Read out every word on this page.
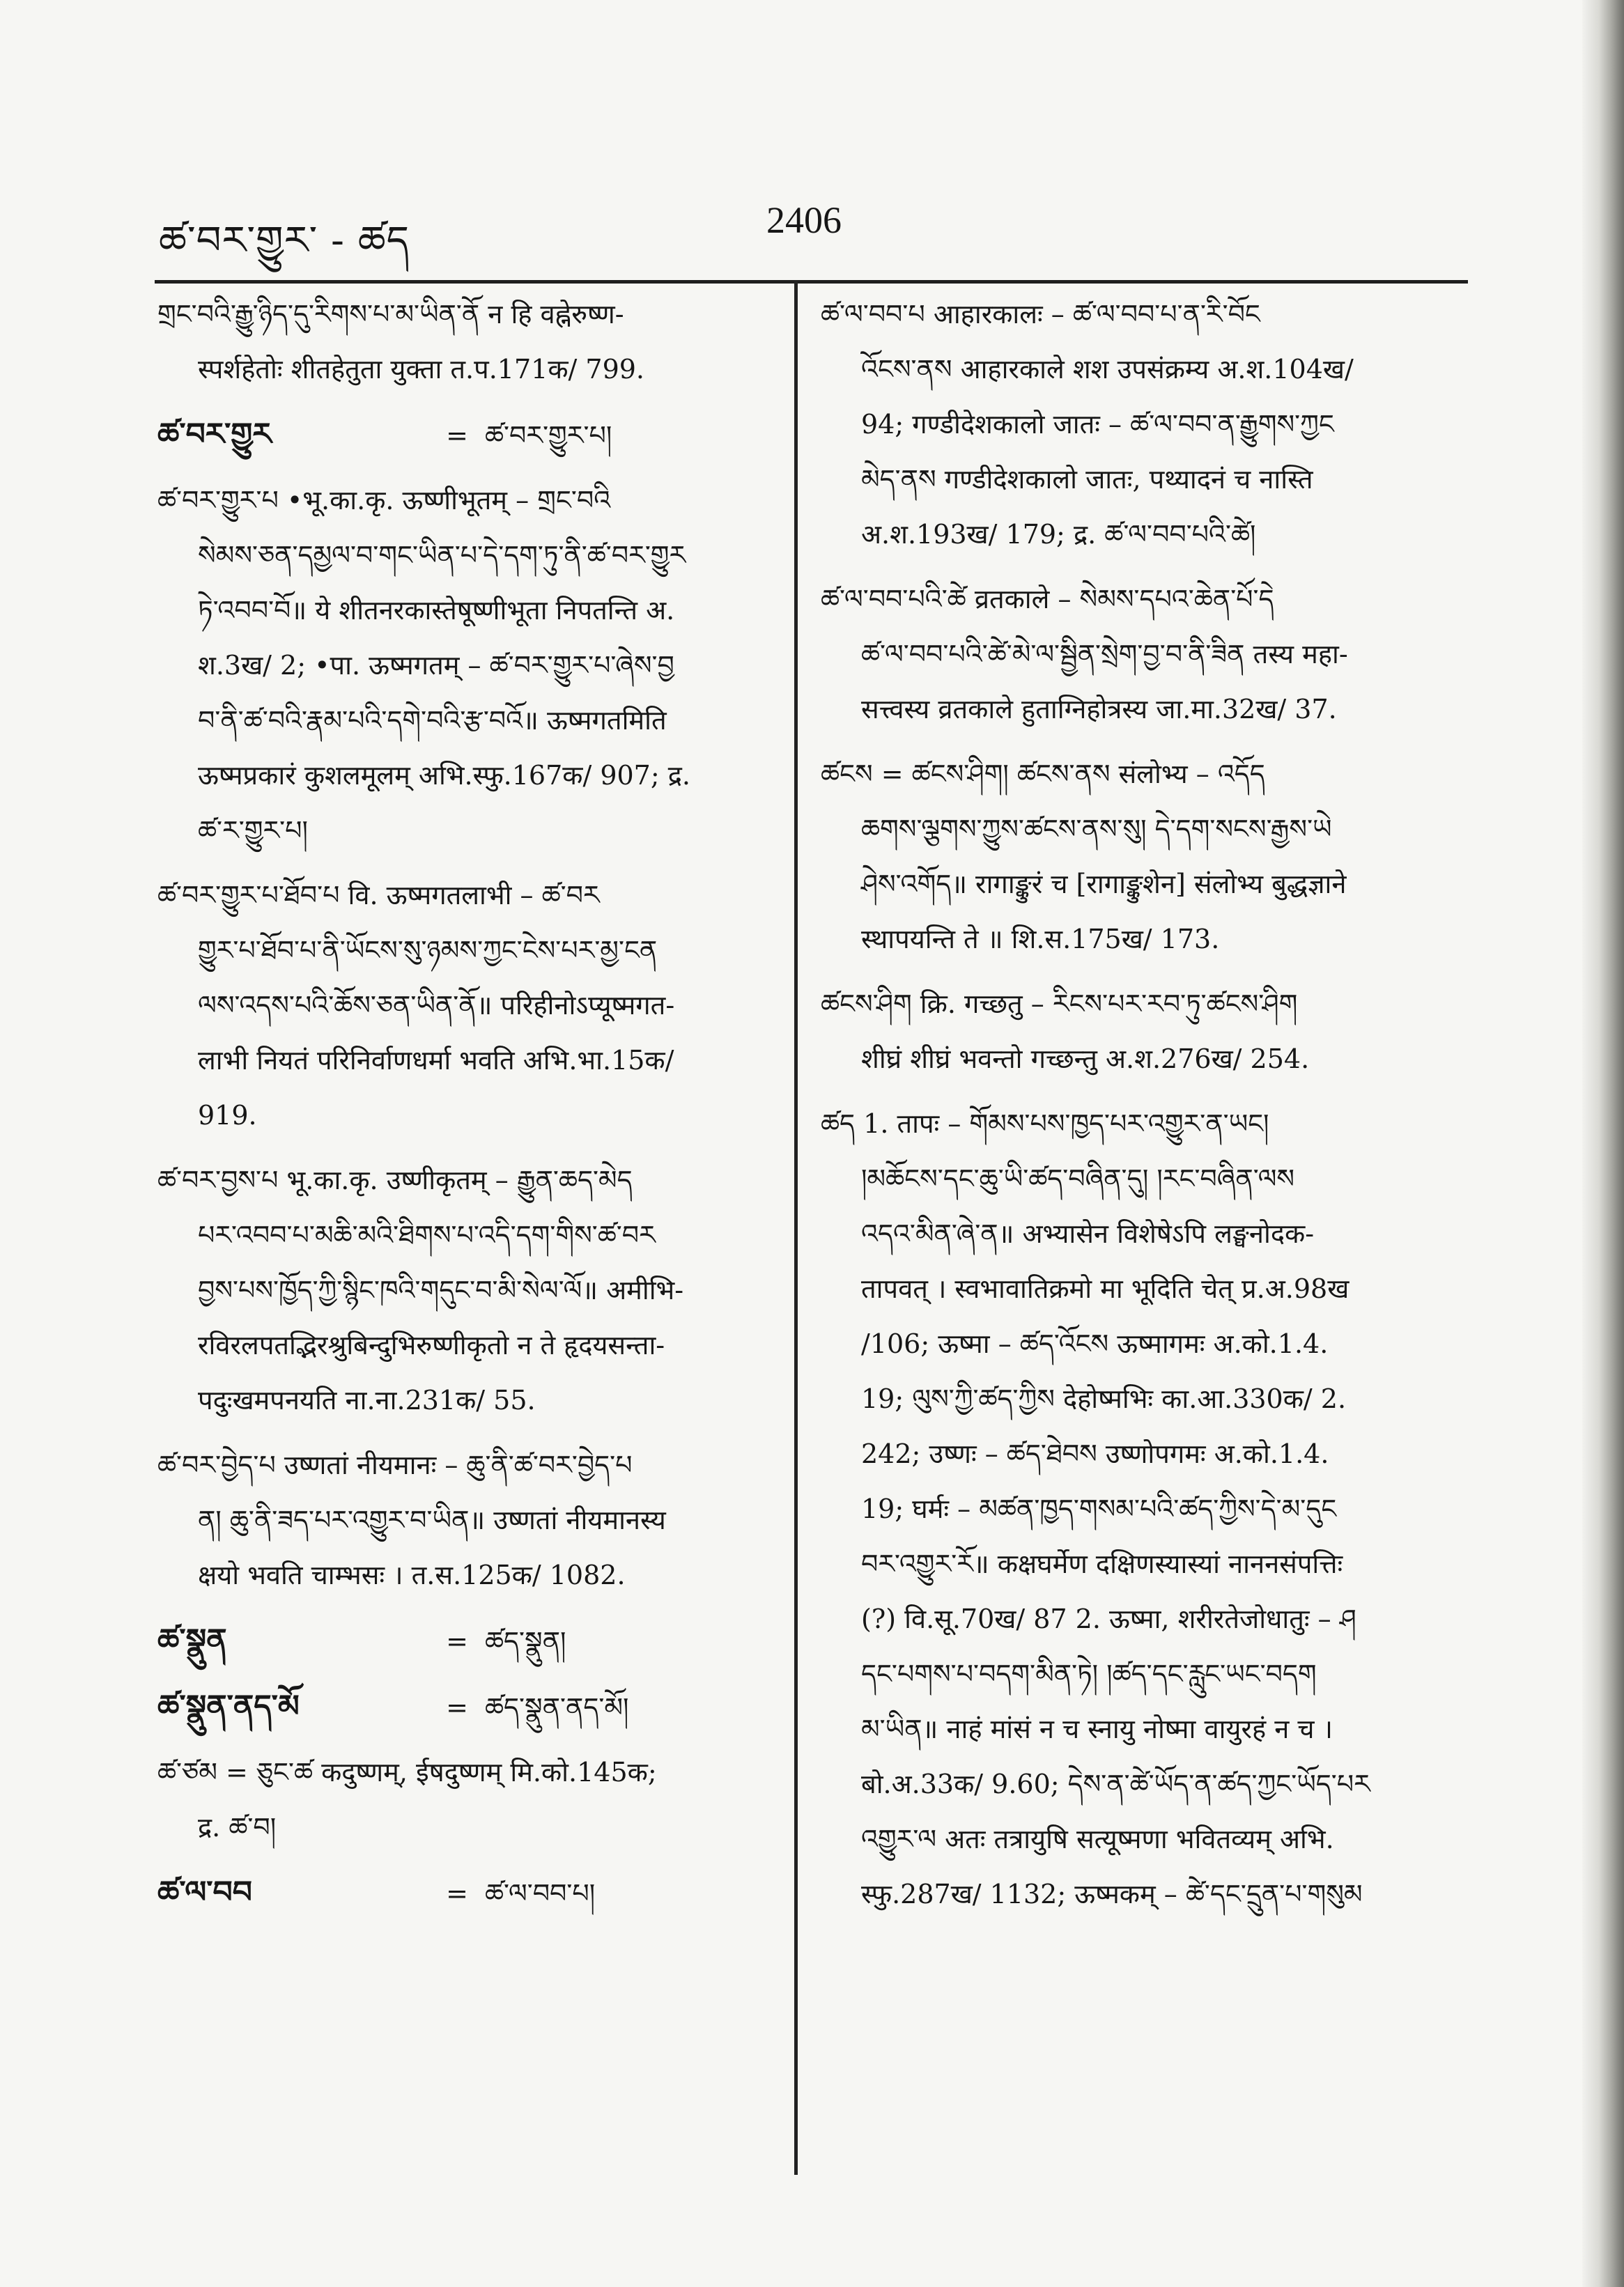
ཚ་བར་གྱུར་ - ཚད	2406

གྲང་བའི་རྒྱུ་ཉིད་དུ་རིགས་པ་མ་ཡིན་ནོ न हि वह्नेरुष्ण-

स्पर्शहेतोः शीतहेतुता युक्ता त.प.171क/ 799.

ཚ་བར་གྱུར	= ཚ་བར་གྱུར་པ།

ཚ་བར་གྱུར་པ •भू.का.कृ. ऊष्णीभूतम् – གྲང་བའི

སེམས་ཅན་དམྱལ་བ་གང་ཡིན་པ་དེ་དག་ཏུ་ནི་ཚ་བར་གྱུར

ཏེ་འབབ་བོ॥ ये शीतनरकास्तेषूष्णीभूता निपतन्ति अ.

श.3ख/ 2; •पा. ऊष्मगतम् – ཚ་བར་གྱུར་པ་ཞེས་བྱ

བ་ནི་ཚ་བའི་རྣམ་པའི་དགེ་བའི་རྩ་བའོ॥ ऊष्मगतमिति

ऊष्मप्रकारं कुशलमूलम् अभि.स्फु.167क/ 907; द्र.

ཚ་ར་གྱུར་པ།

ཚ་བར་གྱུར་པ་ཐོབ་པ वि. ऊष्मगतलाभी – ཚ་བར

གྱུར་པ་ཐོབ་པ་ནི་ཡོངས་སུ་ཉམས་ཀྱང་ངེས་པར་མྱ་ངན

ལས་འདས་པའི་ཆོས་ཅན་ཡིན་ནོ॥ परिहीनोऽप्यूष्मगत-

लाभी नियतं परिनिर्वाणधर्मा भवति अभि.भा.15क/

919.

ཚ་བར་བྱས་པ भू.का.कृ. उष्णीकृतम् – རྒྱུན་ཆད་མེད

པར་འབབ་པ་མཆི་མའི་ཐིགས་པ་འདི་དག་གིས་ཚ་བར

བྱས་པས་ཁྱོད་ཀྱི་སྙིང་ཁའི་གདུང་བ་མི་སེལ་ལོ॥ अमीभि-

रविरलपतद्भिरश्रुबिन्दुभिरुष्णीकृतो न ते हृदयसन्ता-

पदुःखमपनयति ना.ना.231क/ 55.

ཚ་བར་བྱེད་པ उष्णतां नीयमानः – ཆུ་ནི་ཚ་བར་བྱེད་པ

ན། ཆུ་ནི་ཟད་པར་འགྱུར་བ་ཡིན॥ उष्णतां नीयमानस्य

क्षयो भवति चाम्भसः । त.स.125क/ 1082.

ཚ་སྣུན	= ཚད་སྣུན།
ཚ་སྣུན་ནད་མོ	= ཚད་སྣུན་ནད་མོ།

ཚ་ཙམ = ཅུང་ཚ कदुष्णम्, ईषदुष्णम् मि.को.145क;

द्र. ཚ་བ།

ཚ་ལ་བབ	= ཚ་ལ་བབ་པ།

ཚ་ལ་བབ་པ आहारकालः – ཚ་ལ་བབ་པ་ན་རི་བོང

འོངས་ནས आहारकाले शश उपसंक्रम्य अ.श.104ख/

94; गण्डीदेशकालो जातः – ཚ་ལ་བབ་ན་རྒྱུགས་ཀྱང

མེད་ནས गण्डीदेशकालो जातः, पथ्यादनं च नास्ति

अ.श.193ख/ 179; द्र. ཚ་ལ་བབ་པའི་ཚེ།

ཚ་ལ་བབ་པའི་ཚེ व्रतकाले – སེམས་དཔའ་ཆེན་པོ་དེ

ཚ་ལ་བབ་པའི་ཚེ་མེ་ལ་སྦྱིན་སྲེག་བྱ་བ་ནི་ཟིན तस्य महा-

सत्त्वस्य व्रतकाले हुताग्निहोत्रस्य जा.मा.32ख/ 37.

ཚངས = ཚངས་ཤིག། ཚངས་ནས संलोभ्य – འདོད

ཆགས་ལྕགས་ཀྱུས་ཚངས་ནས་སུ། དེ་དག་སངས་རྒྱས་ཡེ

ཤེས་འགོད॥ रागाङ्कुरं च [रागाङ्कुशेन] संलोभ्य बुद्धज्ञाने

स्थापयन्ति ते ॥ शि.स.175ख/ 173.

ཚངས་ཤིག क्रि. गच्छतु – རིངས་པར་རབ་ཏུ་ཚངས་ཤིག

शीघ्रं शीघ्रं भवन्तो गच्छन्तु अ.श.276ख/ 254.

ཚད 1. तापः – གོམས་པས་ཁྱད་པར་འགྱུར་ན་ཡང།

།མཆོངས་དང་ཆུ་ཡི་ཚད་བཞིན་དུ། །རང་བཞིན་ལས

འདའ་མིན་ཞེ་ན॥ अभ्यासेन विशेषेऽपि लङ्घनोदक-

तापवत् । स्वभावातिक्रमो मा भूदिति चेत् प्र.अ.98ख

/106; ऊष्मा – ཚད་འོངས ऊष्मागमः अ.को.1.4.

19; ལུས་ཀྱི་ཚད་ཀྱིས देहोष्मभिः का.आ.330क/ 2.

242; उष्णः – ཚད་ཐེབས उष्णोपगमः अ.को.1.4.

19; घर्मः – མཚན་ཁྱད་གསམ་པའི་ཚད་ཀྱིས་དེ་མ་དུང

བར་འགྱུར་རོ॥ कक्षघर्मेण दक्षिणस्यास्यां नाननसंपत्तिः

(?) वि.सू.70ख/ 87 2. ऊष्मा, शरीरतेजोधातुः – ཤ

དང་པགས་པ་བདག་མིན་ཏེ། །ཚད་དང་རླུང་ཡང་བདག

མ་ཡིན॥ नाहं मांसं न च स्नायु नोष्मा वायुरहं न च ।

बो.अ.33क/ 9.60; དེས་ན་ཚེ་ཡོད་ན་ཚད་ཀྱང་ཡོད་པར

འགྱུར་ལ अतः तत्रायुषि सत्यूष्मणा भवितव्यम् अभि.

स्फु.287ख/ 1132; ऊष्मकम् – ཚེ་དང་དྲུན་པ་གསུམ
